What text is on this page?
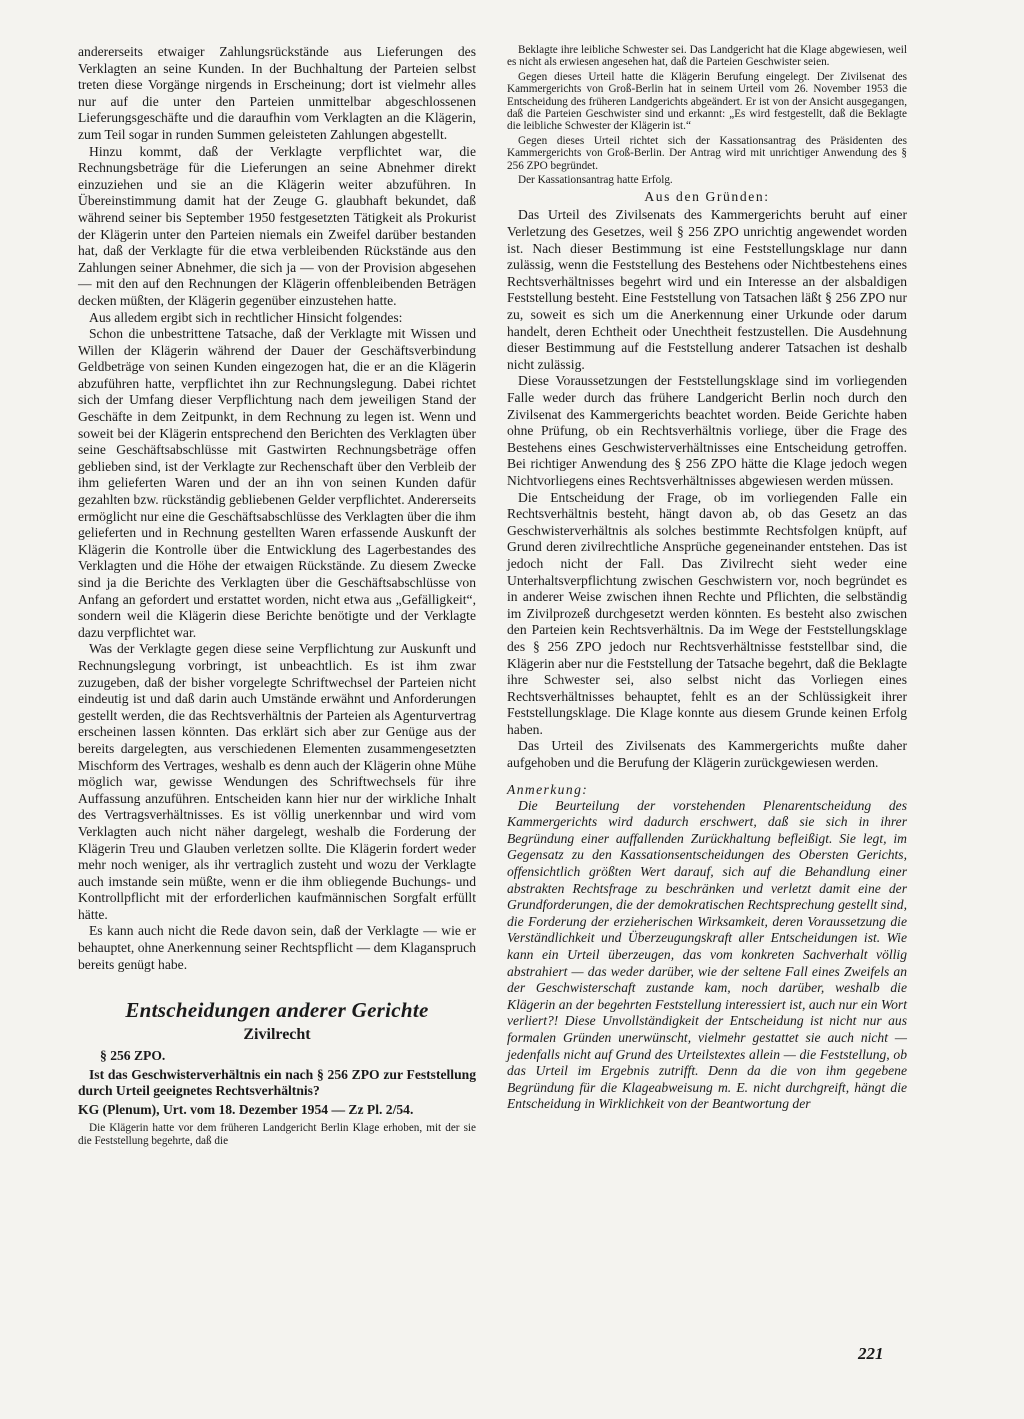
andererseits etwaiger Zahlungsrückstände aus Lieferungen des Verklagten an seine Kunden. In der Buchhaltung der Parteien selbst treten diese Vorgänge nirgends in Erscheinung; dort ist vielmehr alles nur auf die unter den Parteien unmittelbar abgeschlossenen Lieferungsgeschäfte und die daraufhin vom Verklagten an die Klägerin, zum Teil sogar in runden Summen geleisteten Zahlungen abgestellt.

Hinzu kommt, daß der Verklagte verpflichtet war, die Rechnungsbeträge für die Lieferungen an seine Abnehmer direkt einzuziehen und sie an die Klägerin weiter abzuführen. In Übereinstimmung damit hat der Zeuge G. glaubhaft bekundet, daß während seiner bis September 1950 festgesetzten Tätigkeit als Prokurist der Klägerin unter den Parteien niemals ein Zweifel darüber bestanden hat, daß der Verklagte für die etwa verbleibenden Rückstände aus den Zahlungen seiner Abnehmer, die sich ja — von der Provision abgesehen — mit den auf den Rechnungen der Klägerin offenbleibenden Beträgen decken müßten, der Klägerin gegenüber einzustehen hatte.

Aus alledem ergibt sich in rechtlicher Hinsicht folgendes:

Schon die unbestrittene Tatsache, daß der Verklagte mit Wissen und Willen der Klägerin während der Dauer der Geschäftsverbindung Geldbeträge von seinen Kunden eingezogen hat, die er an die Klägerin abzuführen hatte, verpflichtet ihn zur Rechnungslegung. Dabei richtet sich der Umfang dieser Verpflichtung nach dem jeweiligen Stand der Geschäfte in dem Zeitpunkt, in dem Rechnung zu legen ist. Wenn und soweit bei der Klägerin entsprechend den Berichten des Verklagten über seine Geschäftsabschlüsse mit Gastwirten Rechnungsbeträge offen geblieben sind, ist der Verklagte zur Rechenschaft über den Verbleib der ihm gelieferten Waren und der an ihn von seinen Kunden dafür gezahlten bzw. rückständig gebliebenen Gelder verpflichtet. Andererseits ermöglicht nur eine die Geschäftsabschlüsse des Verklagten über die ihm gelieferten und in Rechnung gestellten Waren erfassende Auskunft der Klägerin die Kontrolle über die Entwicklung des Lagerbestandes des Verklagten und die Höhe der etwaigen Rückstände. Zu diesem Zwecke sind ja die Berichte des Verklagten über die Geschäftsabschlüsse von Anfang an gefordert und erstattet worden, nicht etwa aus „Gefälligkeit“, sondern weil die Klägerin diese Berichte benötigte und der Verklagte dazu verpflichtet war.

Was der Verklagte gegen diese seine Verpflichtung zur Auskunft und Rechnungslegung vorbringt, ist unbeachtlich. Es ist ihm zwar zuzugeben, daß der bisher vorgelegte Schriftwechsel der Parteien nicht eindeutig ist und daß darin auch Umstände erwähnt und Anforderungen gestellt werden, die das Rechtsverhältnis der Parteien als Agenturvertrag erscheinen lassen könnten. Das erklärt sich aber zur Genüge aus der bereits dargelegten, aus verschiedenen Elementen zusammengesetzten Mischform des Vertrages, weshalb es denn auch der Klägerin ohne Mühe möglich war, gewisse Wendungen des Schriftwechsels für ihre Auffassung anzuführen. Entscheiden kann hier nur der wirkliche Inhalt des Vertragsverhältnisses. Es ist völlig unerkennbar und wird vom Verklagten auch nicht näher dargelegt, weshalb die Forderung der Klägerin Treu und Glauben verletzen sollte. Die Klägerin fordert weder mehr noch weniger, als ihr vertraglich zusteht und wozu der Verklagte auch imstande sein müßte, wenn er die ihm obliegende Buchungs- und Kontrollpflicht mit der erforderlichen kaufmännischen Sorgfalt erfüllt hätte.

Es kann auch nicht die Rede davon sein, daß der Verklagte — wie er behauptet, ohne Anerkennung seiner Rechtspflicht — dem Klaganspruch bereits genügt habe.

Entscheidungen anderer Gerichte
Zivilrecht
§ 256 ZPO.
Ist das Geschwisterverhältnis ein nach § 256 ZPO zur Feststellung durch Urteil geeignetes Rechtsverhältnis?
KG (Plenum), Urt. vom 18. Dezember 1954 — Zz Pl. 2/54.

Die Klägerin hatte vor dem früheren Landgericht Berlin Klage erhoben, mit der sie die Feststellung begehrte, daß die

Beklagte ihre leibliche Schwester sei. Das Landgericht hat die Klage abgewiesen, weil es nicht als erwiesen angesehen hat, daß die Parteien Geschwister seien.

Gegen dieses Urteil hatte die Klägerin Berufung eingelegt. Der Zivilsenat des Kammergerichts von Groß-Berlin hat in seinem Urteil vom 26. November 1953 die Entscheidung des früheren Landgerichts abgeändert. Er ist von der Ansicht ausgegangen, daß die Parteien Geschwister sind und erkannt: „Es wird festgestellt, daß die Beklagte die leibliche Schwester der Klägerin ist.“

Gegen dieses Urteil richtet sich der Kassationsantrag des Präsidenten des Kammergerichts von Groß-Berlin. Der Antrag wird mit unrichtiger Anwendung des § 256 ZPO begründet.

Der Kassationsantrag hatte Erfolg.

Aus den Gründen:

Das Urteil des Zivilsenats des Kammergerichts beruht auf einer Verletzung des Gesetzes, weil § 256 ZPO unrichtig angewendet worden ist. Nach dieser Bestimmung ist eine Feststellungsklage nur dann zulässig, wenn die Feststellung des Bestehens oder Nichtbestehens eines Rechtsverhältnisses begehrt wird und ein Interesse an der alsbaldigen Feststellung besteht. Eine Feststellung von Tatsachen läßt § 256 ZPO nur zu, soweit es sich um die Anerkennung einer Urkunde oder darum handelt, deren Echtheit oder Unechtheit festzustellen. Die Ausdehnung dieser Bestimmung auf die Feststellung anderer Tatsachen ist deshalb nicht zulässig.

Diese Voraussetzungen der Feststellungsklage sind im vorliegenden Falle weder durch das frühere Landgericht Berlin noch durch den Zivilsenat des Kammergerichts beachtet worden. Beide Gerichte haben ohne Prüfung, ob ein Rechtsverhältnis vorliege, über die Frage des Bestehens eines Geschwisterverhältnisses eine Entscheidung getroffen. Bei richtiger Anwendung des § 256 ZPO hätte die Klage jedoch wegen Nichtvorliegens eines Rechtsverhältnisses abgewiesen werden müssen.

Die Entscheidung der Frage, ob im vorliegenden Falle ein Rechtsverhältnis besteht, hängt davon ab, ob das Gesetz an das Geschwisterverhältnis als solches bestimmte Rechtsfolgen knüpft, auf Grund deren zivilrechtliche Ansprüche gegeneinander entstehen. Das ist jedoch nicht der Fall. Das Zivilrecht sieht weder eine Unterhaltsverpflichtung zwischen Geschwistern vor, noch begründet es in anderer Weise zwischen ihnen Rechte und Pflichten, die selbständig im Zivilprozeß durchgesetzt werden könnten. Es besteht also zwischen den Parteien kein Rechtsverhältnis. Da im Wege der Feststellungsklage des § 256 ZPO jedoch nur Rechtsverhältnisse feststellbar sind, die Klägerin aber nur die Feststellung der Tatsache begehrt, daß die Beklagte ihre Schwester sei, also selbst nicht das Vorliegen eines Rechtsverhältnisses behauptet, fehlt es an der Schlüssigkeit ihrer Feststellungsklage. Die Klage konnte aus diesem Grunde keinen Erfolg haben.

Das Urteil des Zivilsenats des Kammergerichts mußte daher aufgehoben und die Berufung der Klägerin zurückgewiesen werden.

Anmerkung:

Die Beurteilung der vorstehenden Plenarentscheidung des Kammergerichts wird dadurch erschwert, daß sie sich in ihrer Begründung einer auffallenden Zurückhaltung befleißigt. Sie legt, im Gegensatz zu den Kassationsentscheidungen des Obersten Gerichts, offensichtlich größten Wert darauf, sich auf die Behandlung einer abstrakten Rechtsfrage zu beschränken und verletzt damit eine der Grundforderungen, die der demokratischen Rechtsprechung gestellt sind, die Forderung der erzieherischen Wirksamkeit, deren Voraussetzung die Verständlichkeit und Überzeugungskraft aller Entscheidungen ist. Wie kann ein Urteil überzeugen, das vom konkreten Sachverhalt völlig abstrahiert — das weder darüber, wie der seltene Fall eines Zweifels an der Geschwisterschaft zustande kam, noch darüber, weshalb die Klägerin an der begehrten Feststellung interessiert ist, auch nur ein Wort verliert?! Diese Unvollständigkeit der Entscheidung ist nicht nur aus formalen Gründen unerwünscht, vielmehr gestattet sie auch nicht — jedenfalls nicht auf Grund des Urteilstextes allein — die Feststellung, ob das Urteil im Ergebnis zutrifft. Denn da die von ihm gegebene Begründung für die Klageabweisung m. E. nicht durchgreift, hängt die Entscheidung in Wirklichkeit von der Beantwortung der

221
